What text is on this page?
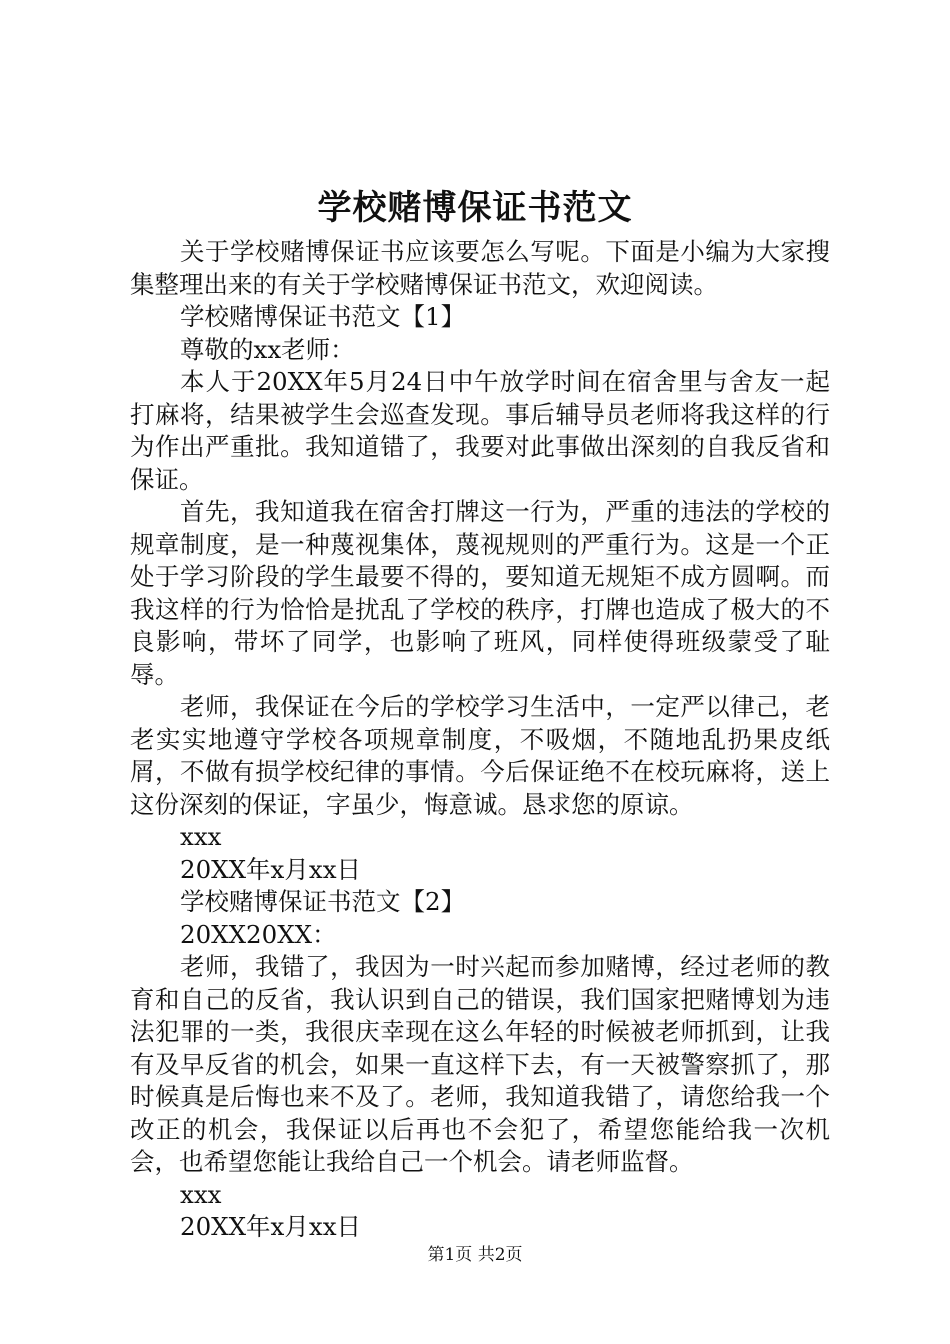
学校赌博保证书范文

关于学校赌博保证书应该要怎么写呢。下面是小编为大家搜集整理出来的有关于学校赌博保证书范文，欢迎阅读。

学校赌博保证书范文【1】
尊敬的xx老师：

本人于20XX年5月24日中午放学时间在宿舍里与舍友一起打麻将，结果被学生会巡查发现。事后辅导员老师将我这样的行为作出严重批。我知道错了，我要对此事做出深刻的自我反省和保证。

首先，我知道我在宿舍打牌这一行为，严重的违法的学校的规章制度，是一种蔑视集体，蔑视规则的严重行为。这是一个正处于学习阶段的学生最要不得的，要知道无规矩不成方圆啊。而我这样的行为恰恰是扰乱了学校的秩序，打牌也造成了极大的不良影响，带坏了同学，也影响了班风，同样使得班级蒙受了耻辱。

老师，我保证在今后的学校学习生活中，一定严以律己，老老实实地遵守学校各项规章制度，不吸烟，不随地乱扔果皮纸屑，不做有损学校纪律的事情。今后保证绝不在校玩麻将，送上这份深刻的保证，字虽少，悔意诚。恳求您的原谅。

xxx
20XX年x月xx日
学校赌博保证书范文【2】
20XX20XX：

老师，我错了，我因为一时兴起而参加赌博，经过老师的教育和自己的反省，我认识到自己的错误，我们国家把赌博划为违法犯罪的一类，我很庆幸现在这么年轻的时候被老师抓到，让我有及早反省的机会，如果一直这样下去，有一天被警察抓了，那时候真是后悔也来不及了。老师，我知道我错了，请您给我一个改正的机会，我保证以后再也不会犯了，希望您能给我一次机会，也希望您能让我给自己一个机会。请老师监督。

xxx
20XX年x月xx日
第1页 共2页
